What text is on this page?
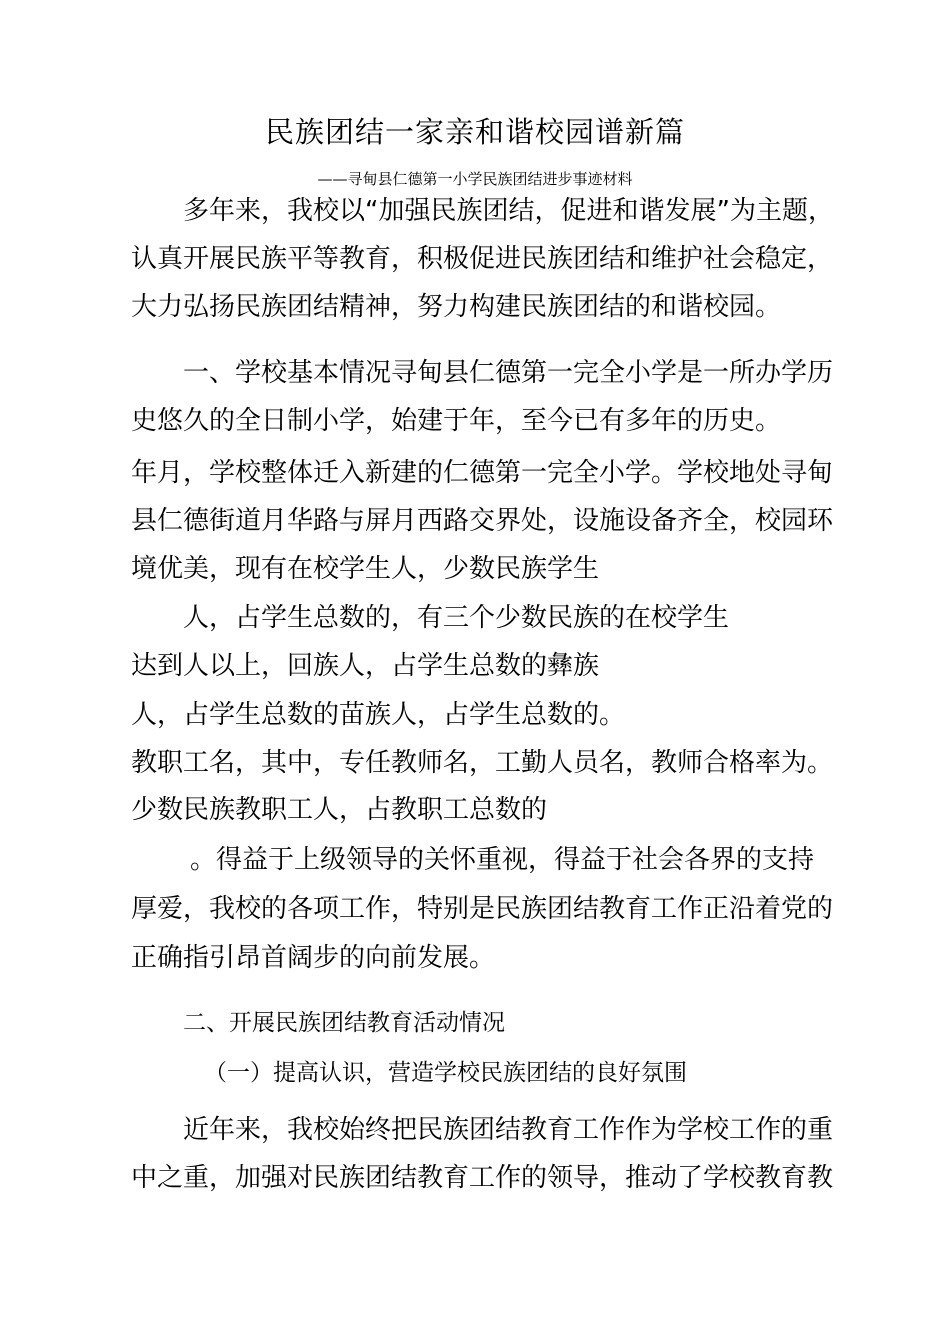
民族团结一家亲和谐校园谱新篇
——寻甸县仁德第一小学民族团结进步事迹材料
多年来，我校以“加强民族团结，促进和谐发展”为主题，
认真开展民族平等教育，积极促进民族团结和维护社会稳定，
大力弘扬民族团结精神，努力构建民族团结的和谐校园。
一、学校基本情况寻甸县仁德第一完全小学是一所办学历
史悠久的全日制小学，始建于年，至今已有多年的历史。
年月，学校整体迁入新建的仁德第一完全小学。学校地处寻甸
县仁德街道月华路与屏月西路交界处，设施设备齐全，校园环
境优美，现有在校学生人，少数民族学生
人，占学生总数的，有三个少数民族的在校学生
达到人以上，回族人，占学生总数的彝族
人，占学生总数的苗族人，占学生总数的。
教职工名，其中，专任教师名，工勤人员名，教师合格率为。
少数民族教职工人，占教职工总数的
。得益于上级领导的关怀重视，得益于社会各界的支持
厚爱，我校的各项工作，特别是民族团结教育工作正沿着党的
正确指引昂首阔步的向前发展。
二、开展民族团结教育活动情况
（一）提高认识，营造学校民族团结的良好氛围
近年来，我校始终把民族团结教育工作作为学校工作的重
中之重，加强对民族团结教育工作的领导，推动了学校教育教
